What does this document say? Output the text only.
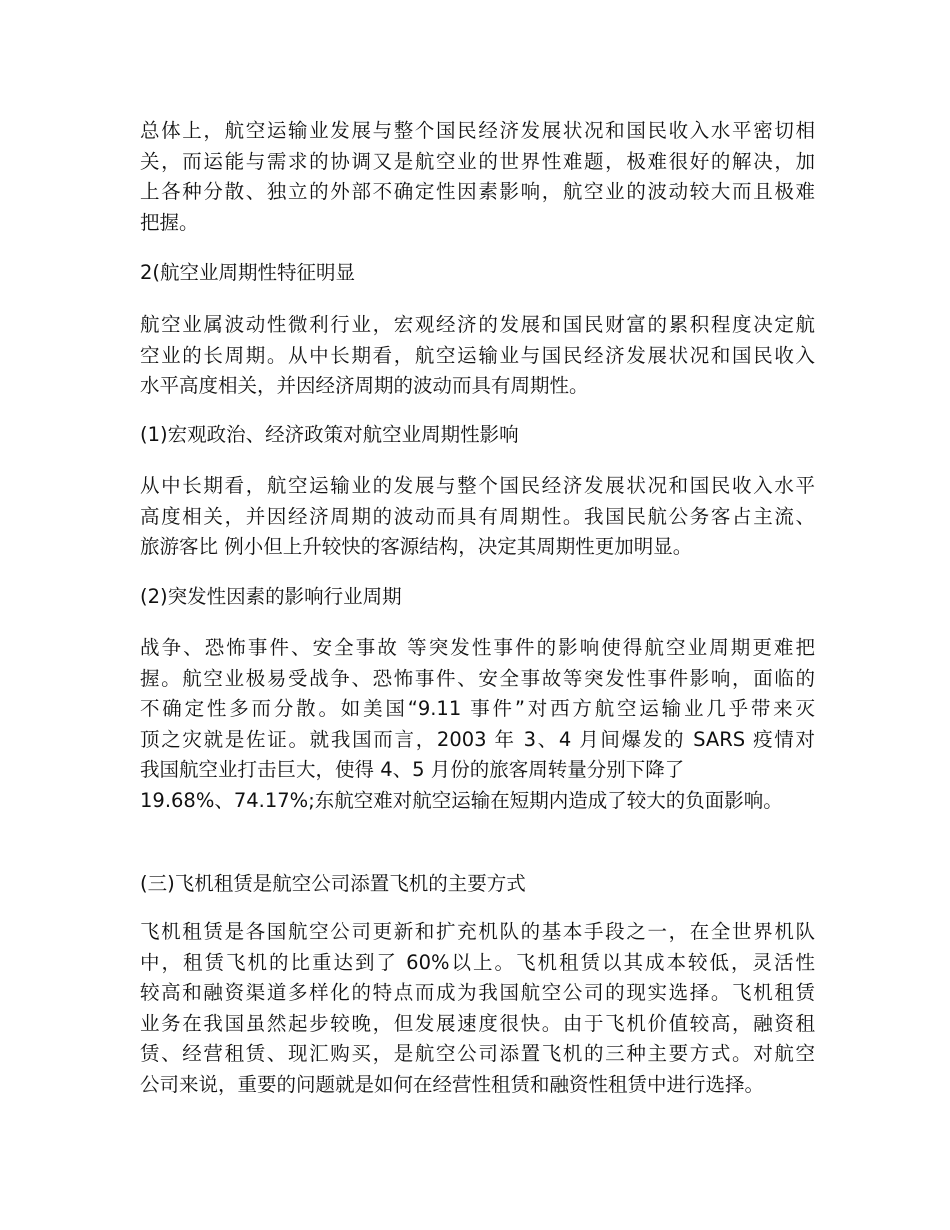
总体上，航空运输业发展与整个国民经济发展状况和国民收入水平密切相
关，而运能与需求的协调又是航空业的世界性难题，极难很好的解决，加
上各种分散、独立的外部不确定性因素影响，航空业的波动较大而且极难
把握。
2(航空业周期性特征明显
航空业属波动性微利行业，宏观经济的发展和国民财富的累积程度决定航
空业的长周期。从中长期看，航空运输业与国民经济发展状况和国民收入
水平高度相关，并因经济周期的波动而具有周期性。
(1)宏观政治、经济政策对航空业周期性影响
从中长期看，航空运输业的发展与整个国民经济发展状况和国民收入水平
高度相关，并因经济周期的波动而具有周期性。我国民航公务客占主流、
旅游客比 例小但上升较快的客源结构，决定其周期性更加明显。
(2)突发性因素的影响行业周期
战争、恐怖事件、安全事故 等突发性事件的影响使得航空业周期更难把
握。航空业极易受战争、恐怖事件、安全事故等突发性事件影响，面临的
不确定性多而分散。如美国“9.11 事件”对西方航空运输业几乎带来灭
顶之灾就是佐证。就我国而言，2003 年 3、4 月间爆发的 SARS 疫情对
我国航空业打击巨大，使得 4、5 月份的旅客周转量分别下降了
19.68%、74.17%;东航空难对航空运输在短期内造成了较大的负面影响。
(三)飞机租赁是航空公司添置飞机的主要方式
飞机租赁是各国航空公司更新和扩充机队的基本手段之一，在全世界机队
中，租赁飞机的比重达到了 60%以上。飞机租赁以其成本较低，灵活性
较高和融资渠道多样化的特点而成为我国航空公司的现实选择。飞机租赁
业务在我国虽然起步较晚，但发展速度很快。由于飞机价值较高，融资租
赁、经营租赁、现汇购买，是航空公司添置飞机的三种主要方式。对航空
公司来说，重要的问题就是如何在经营性租赁和融资性租赁中进行选择。
